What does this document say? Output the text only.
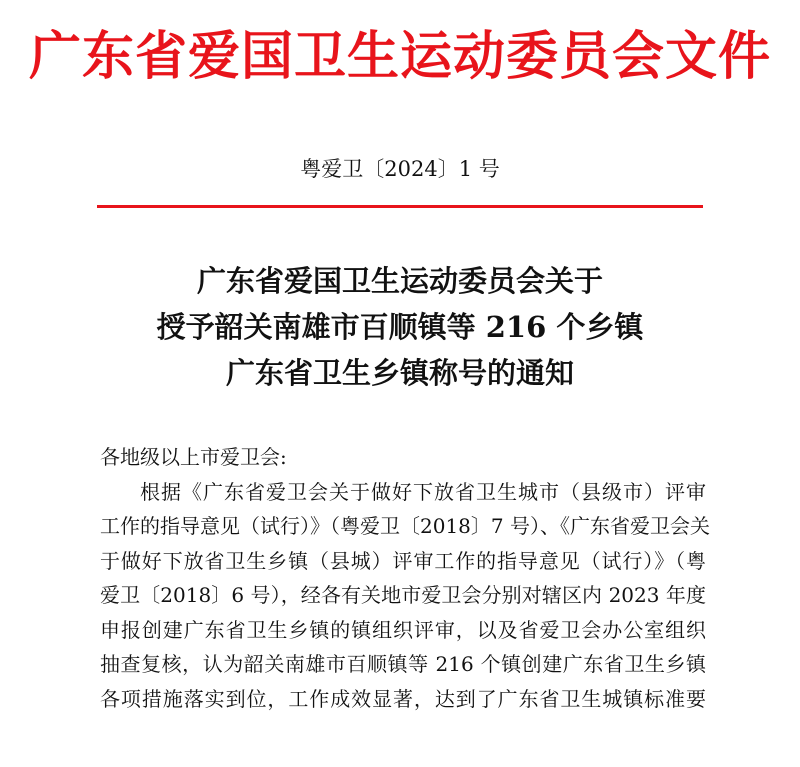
广东省爱国卫生运动委员会文件
粤爱卫〔2024〕1 号
广东省爱国卫生运动委员会关于
授予韶关南雄市百顺镇等 216 个乡镇
广东省卫生乡镇称号的通知
各地级以上市爱卫会:

根据《广东省爱卫会关于做好下放省卫生城市（县级市）评审
工作的指导意见（试行）》（粤爱卫〔2018〕7 号）、《广东省爱卫会关
于做好下放省卫生乡镇（县城）评审工作的指导意见（试行）》（粤
爱卫〔2018〕6 号），经各有关地市爱卫会分别对辖区内 2023 年度
申报创建广东省卫生乡镇的镇组织评审，以及省爱卫会办公室组织
抽查复核，认为韶关南雄市百顺镇等 216 个镇创建广东省卫生乡镇
各项措施落实到位，工作成效显著，达到了广东省卫生城镇标准要
